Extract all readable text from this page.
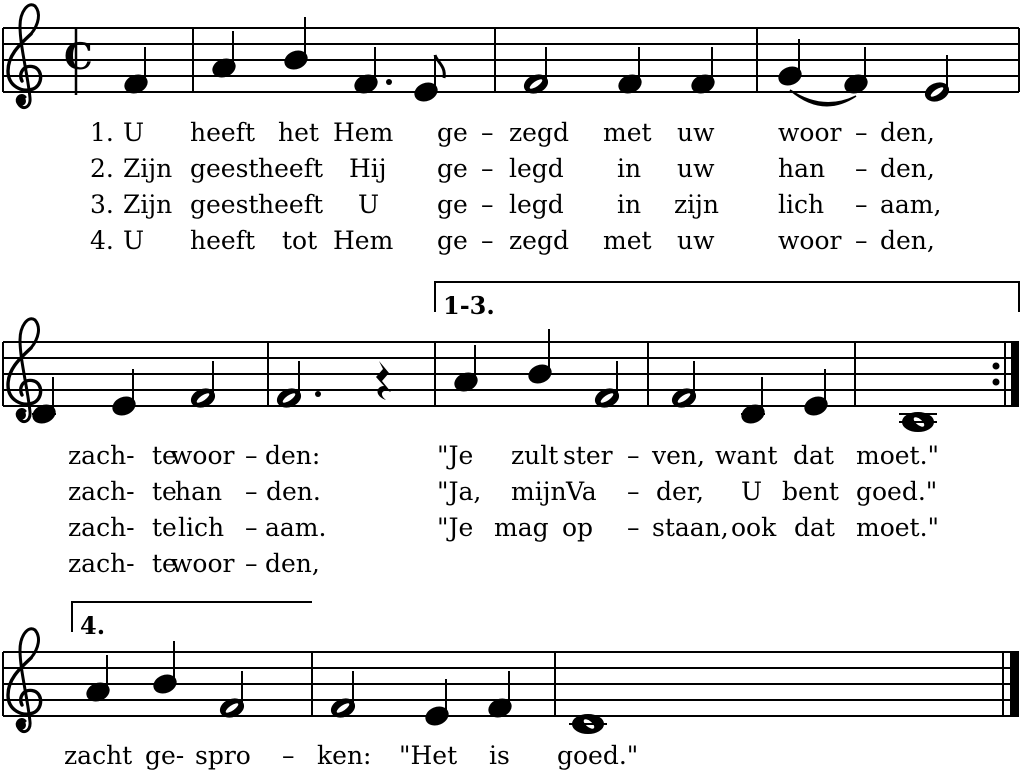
C
1. U heeft het Hem ge – zegd met uw	woor – den,
2. Zijn geest heeft Hij ge – legd in uw	han – den,
3. Zijn geest heeft U ge – legd in zijn lich – aam,
4. U heeft tot Hem ge – zegd met uw	woor – den,
1-3.
zach- te
woor – den:	"Je zult ster – ven, want dat moet."
zach- te
han – den.	"Ja, mijn Va – der, U bent goed."
zach- te lich – aam.	"Je mag op – staan, ook dat moet."
zach- te
woor – den,
4.
zacht ge- spro – ken: "Het is goed."
